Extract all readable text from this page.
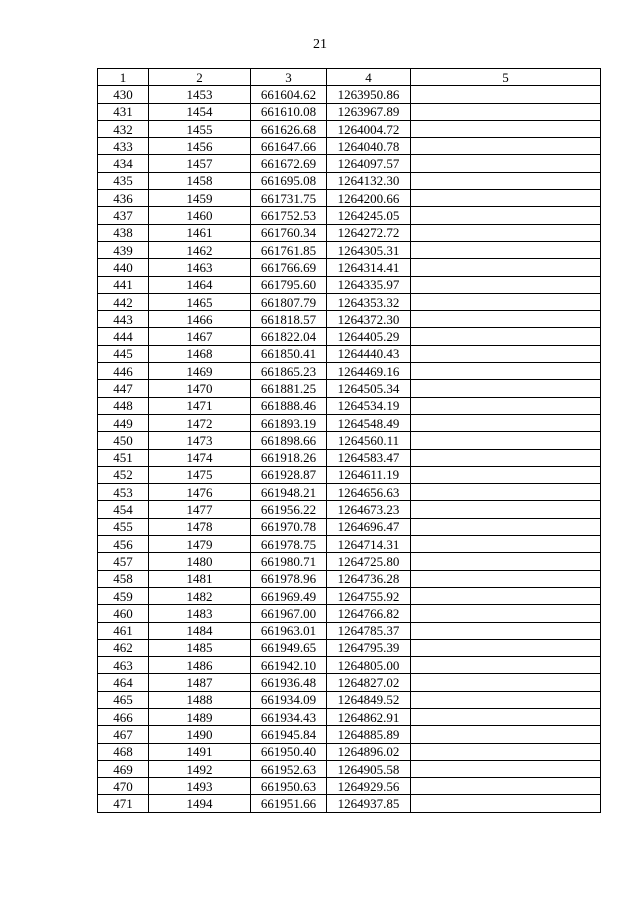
21
1	2	3	4	5
430	1453	661604.62	1263950.86	
431	1454	661610.08	1263967.89	
432	1455	661626.68	1264004.72	
433	1456	661647.66	1264040.78	
434	1457	661672.69	1264097.57	
435	1458	661695.08	1264132.30	
436	1459	661731.75	1264200.66	
437	1460	661752.53	1264245.05	
438	1461	661760.34	1264272.72	
439	1462	661761.85	1264305.31	
440	1463	661766.69	1264314.41	
441	1464	661795.60	1264335.97	
442	1465	661807.79	1264353.32	
443	1466	661818.57	1264372.30	
444	1467	661822.04	1264405.29	
445	1468	661850.41	1264440.43	
446	1469	661865.23	1264469.16	
447	1470	661881.25	1264505.34	
448	1471	661888.46	1264534.19	
449	1472	661893.19	1264548.49	
450	1473	661898.66	1264560.11	
451	1474	661918.26	1264583.47	
452	1475	661928.87	1264611.19	
453	1476	661948.21	1264656.63	
454	1477	661956.22	1264673.23	
455	1478	661970.78	1264696.47	
456	1479	661978.75	1264714.31	
457	1480	661980.71	1264725.80	
458	1481	661978.96	1264736.28	
459	1482	661969.49	1264755.92	
460	1483	661967.00	1264766.82	
461	1484	661963.01	1264785.37	
462	1485	661949.65	1264795.39	
463	1486	661942.10	1264805.00	
464	1487	661936.48	1264827.02	
465	1488	661934.09	1264849.52	
466	1489	661934.43	1264862.91	
467	1490	661945.84	1264885.89	
468	1491	661950.40	1264896.02	
469	1492	661952.63	1264905.58	
470	1493	661950.63	1264929.56	
471	1494	661951.66	1264937.85	
